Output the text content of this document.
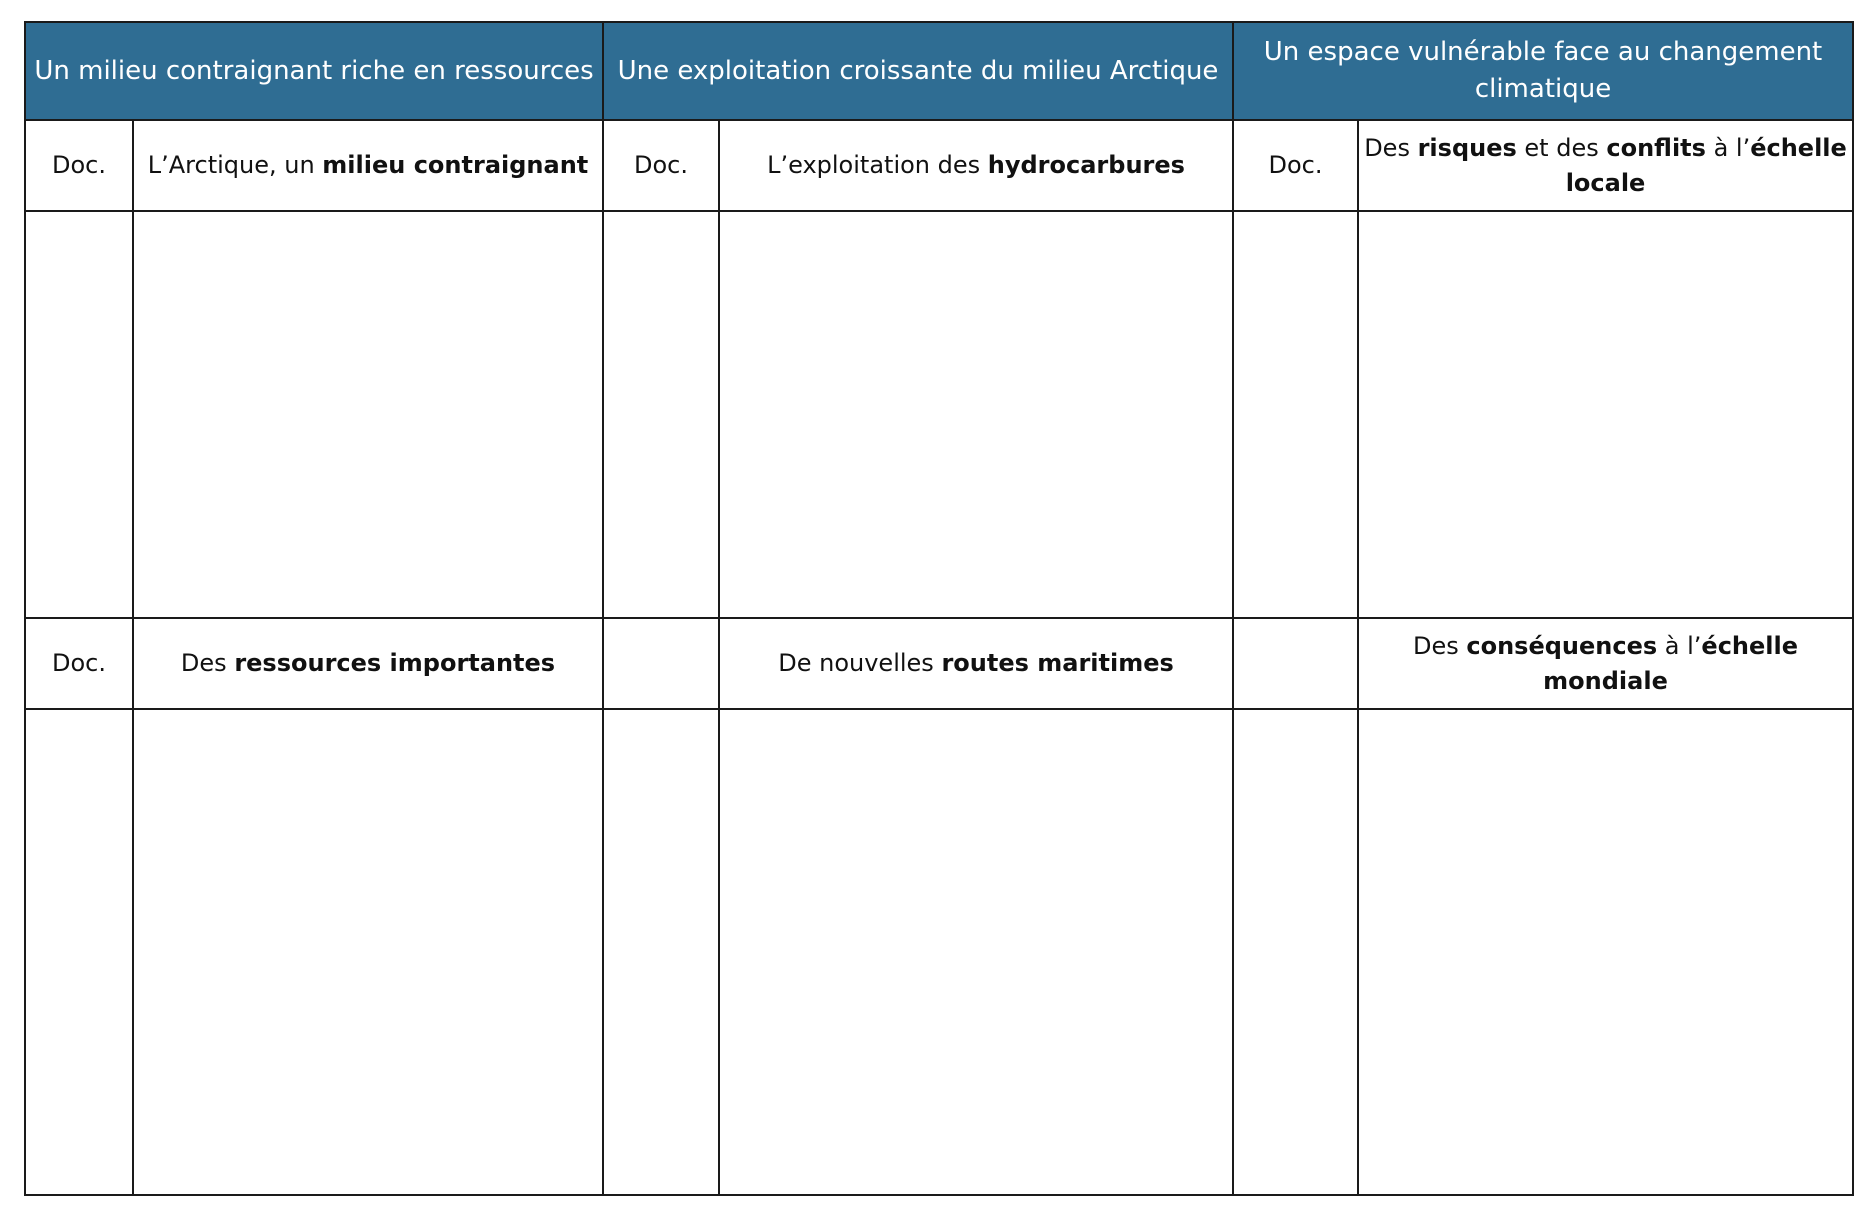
Un milieu contraignant riche en ressources		Une exploitation croissante du milieu Arctique		Un espace vulnérable face au changement climatique	
Doc.	L’Arctique, un milieu contraignant	Doc.	L’exploitation des hydrocarbures	Doc.	Des risques et des conflits à l’échelle locale

Doc.	Des ressources importantes		De nouvelles routes maritimes		Des conséquences à l’échelle mondiale
